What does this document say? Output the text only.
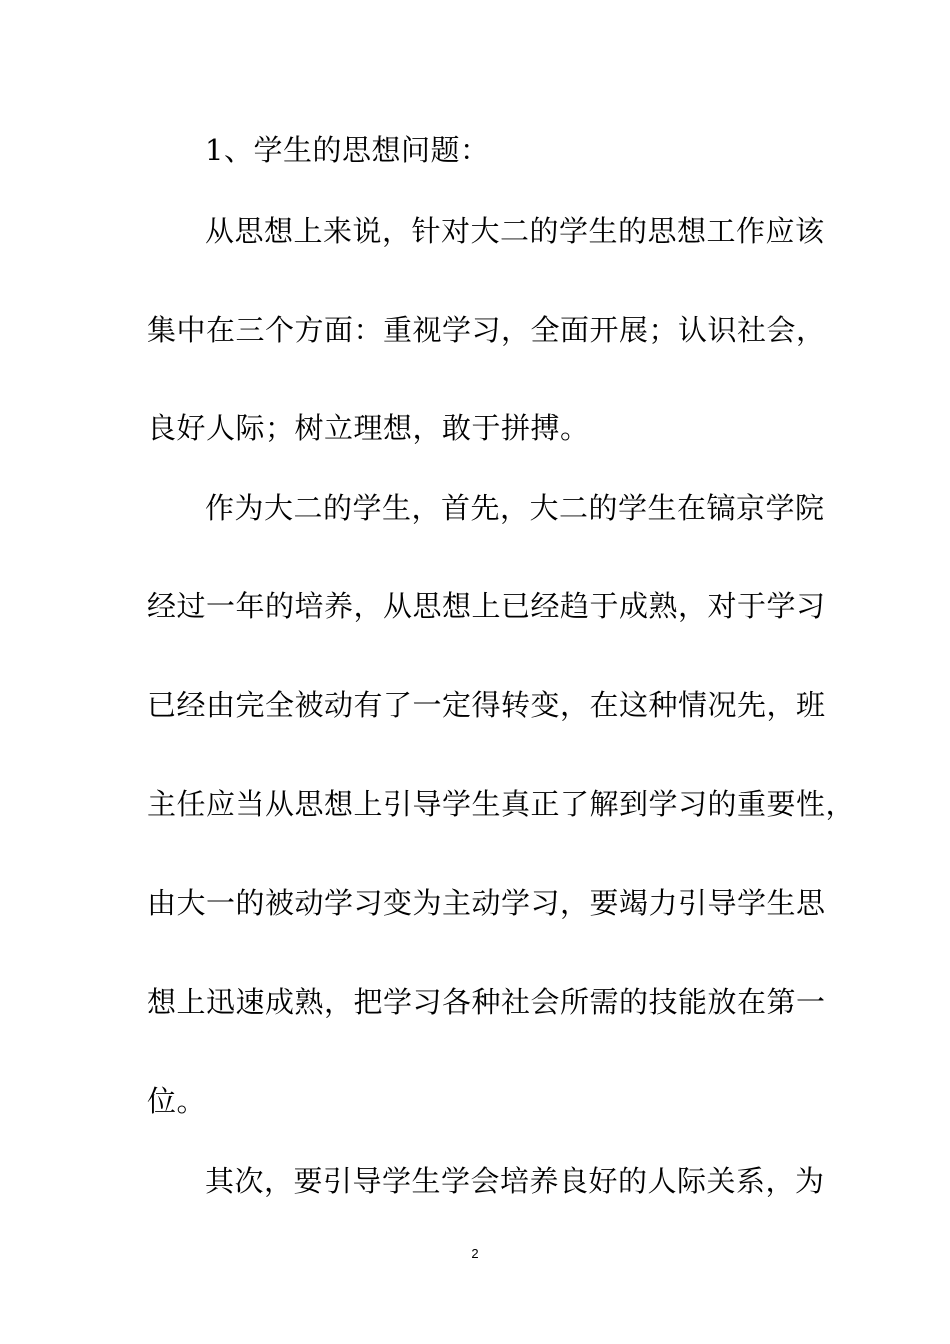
1、学生的思想问题：
从思想上来说，针对大二的学生的思想工作应该
集中在三个方面：重视学习，全面开展；认识社会，
良好人际；树立理想，敢于拼搏。
作为大二的学生，首先，大二的学生在镐京学院
经过一年的培养，从思想上已经趋于成熟，对于学习
已经由完全被动有了一定得转变，在这种情况先，班
主任应当从思想上引导学生真正了解到学习的重要性，
由大一的被动学习变为主动学习，要竭力引导学生思
想上迅速成熟，把学习各种社会所需的技能放在第一
位。
其次，要引导学生学会培养良好的人际关系，为
2
